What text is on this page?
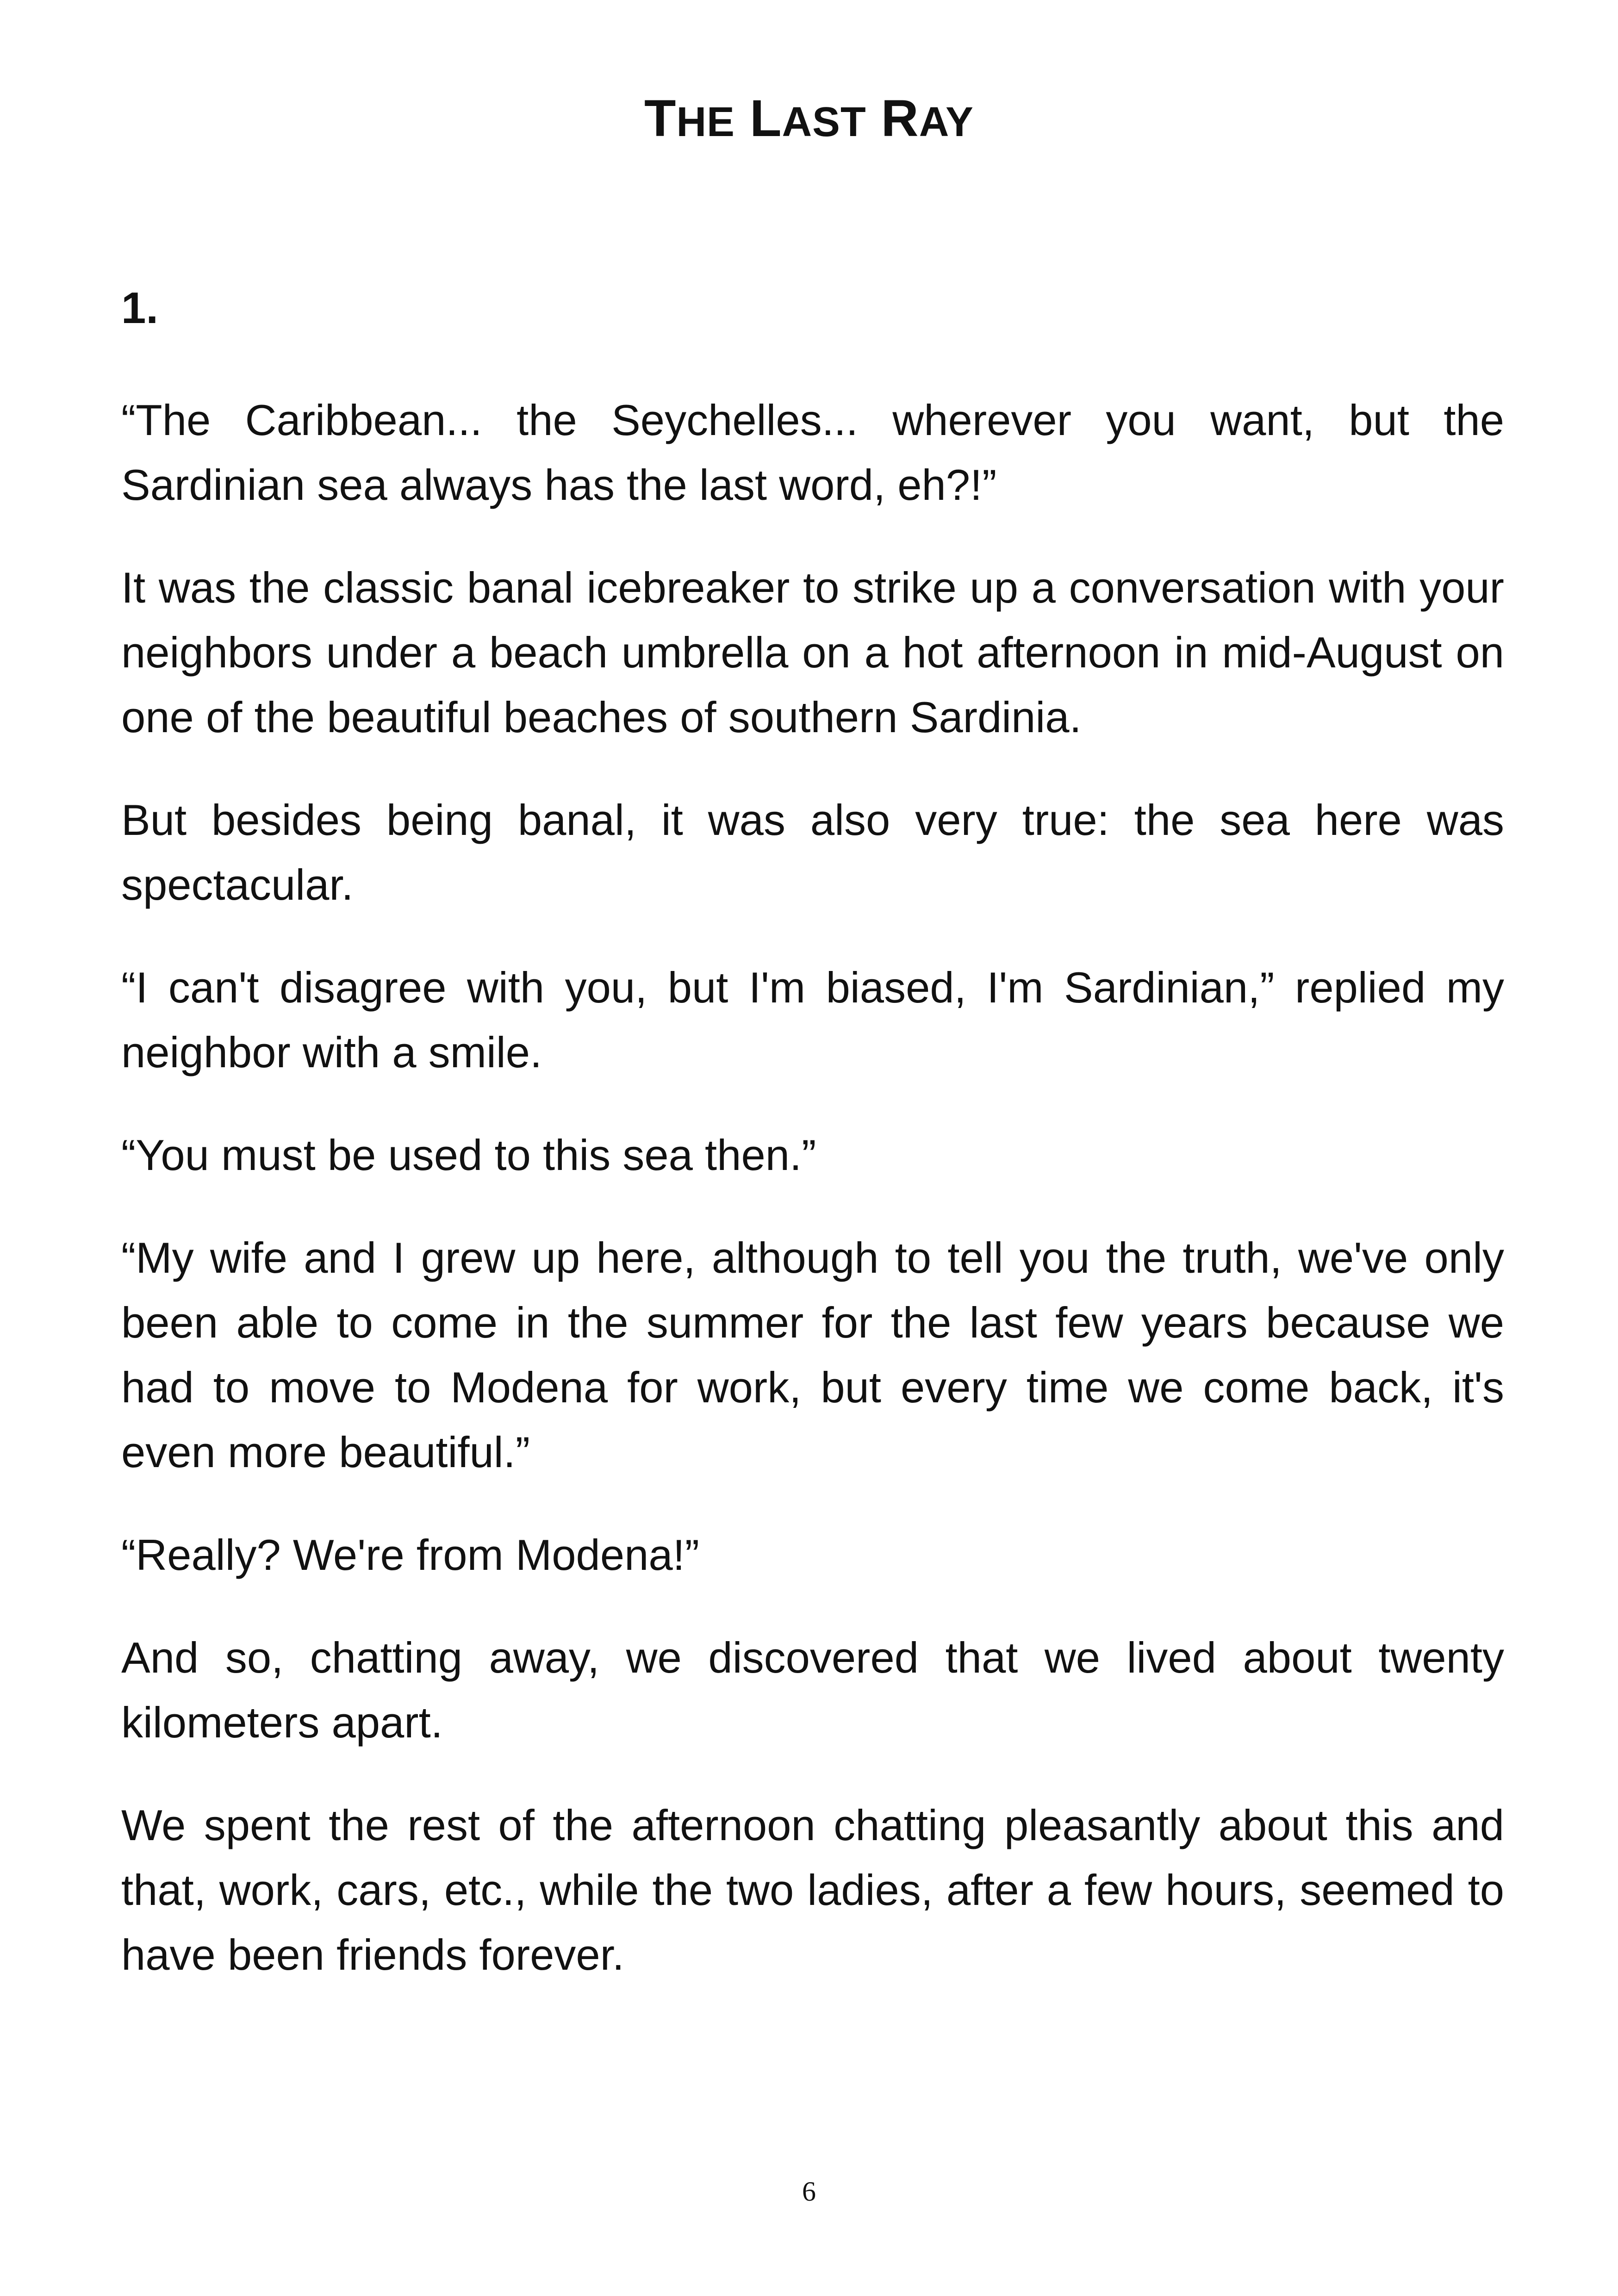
THE LAST RAY
1.

“The Caribbean... the Seychelles... wherever you want, but the Sardinian sea always has the last word, eh?!”

It was the classic banal icebreaker to strike up a conversation with your neighbors under a beach umbrella on a hot afternoon in mid-August on one of the beautiful beaches of southern Sardinia.

But besides being banal, it was also very true: the sea here was spectacular.

“I can't disagree with you, but I'm biased, I'm Sardinian,” replied my neighbor with a smile.

“You must be used to this sea then.”

“My wife and I grew up here, although to tell you the truth, we've only been able to come in the summer for the last few years because we had to move to Modena for work, but every time we come back, it's even more beautiful.”

“Really? We're from Modena!”

And so, chatting away, we discovered that we lived about twenty kilometers apart.

We spent the rest of the afternoon chatting pleasantly about this and that, work, cars, etc., while the two ladies, after a few hours, seemed to have been friends forever.

6
